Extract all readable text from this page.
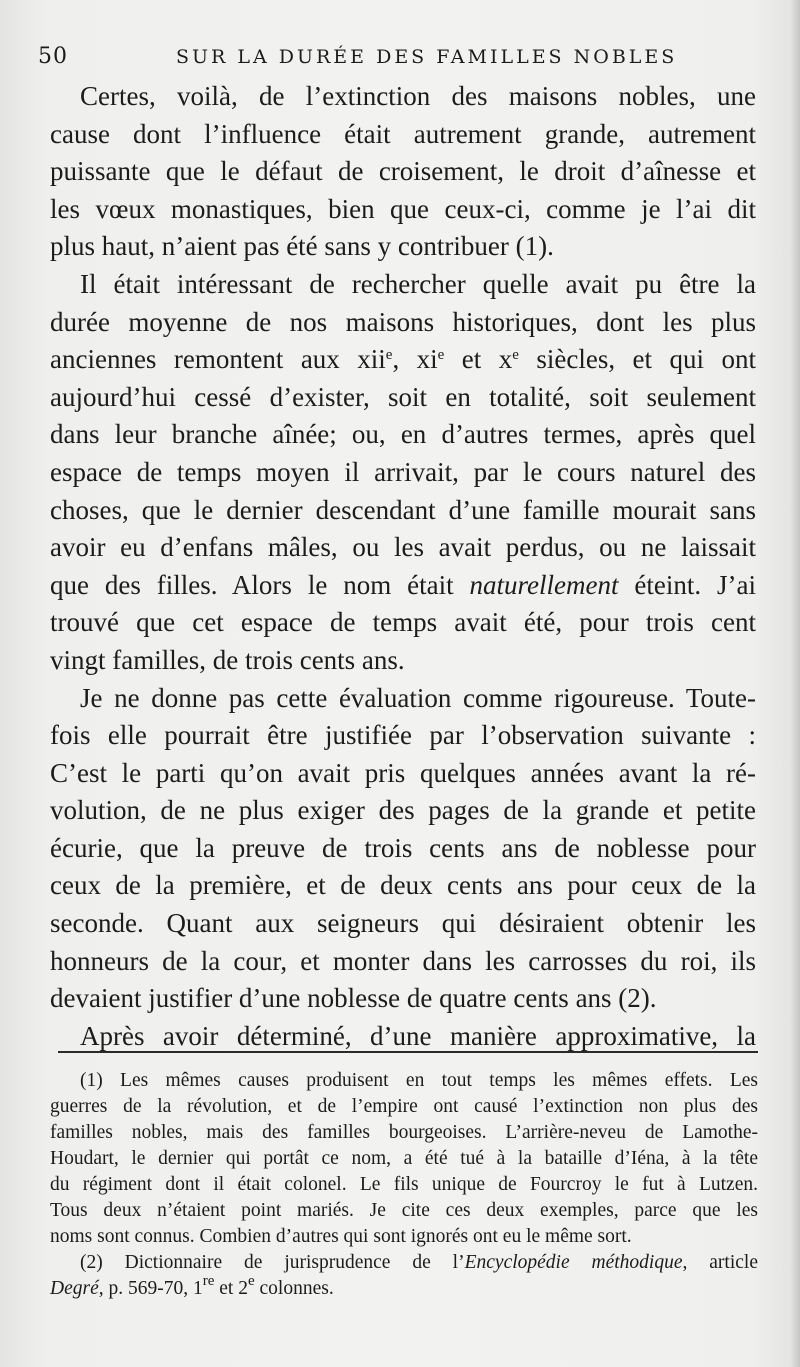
50	SUR LA DURÉE DES FAMILLES NOBLES
Certes, voilà, de l’extinction des maisons nobles, une
cause dont l’influence était autrement grande, autrement
puissante que le défaut de croisement, le droit d’aînesse et
les vœux monastiques, bien que ceux-ci, comme je l’ai dit
plus haut, n’aient pas été sans y contribuer (1).
Il était intéressant de rechercher quelle avait pu être la
durée moyenne de nos maisons historiques, dont les plus
anciennes remontent aux xii$^e$, $xi^e$ et $x^e$ siècles, et qui ont
aujourd’hui cessé d’exister, soit en totalité, soit seulement
dans leur branche aînée; ou, en d’autres termes, après quel
espace de temps moyen il arrivait, par le cours naturel des
choses, que le dernier descendant d’une famille mourait sans
avoir eu d’enfans mâles, ou les avait perdus, ou ne laissait
que des filles. Alors le nom était naturellement éteint. J’ai
trouvé que cet espace de temps avait été, pour trois cent
vingt familles, de trois cents ans.
Je ne donne pas cette évaluation comme rigoureuse. Toute-
fois elle pourrait être justifiée par l’observation suivante :
C’est le parti qu’on avait pris quelques années avant la ré-
volution, de ne plus exiger des pages de la grande et petite
écurie, que la preuve de trois cents ans de noblesse pour
ceux de la première, et de deux cents ans pour ceux de la
seconde. Quant aux seigneurs qui désiraient obtenir les
honneurs de la cour, et monter dans les carrosses du roi, ils
devaient justifier d’une noblesse de quatre cents ans (2).
Après avoir déterminé, d’une manière approximative, la
(1) Les mêmes causes produisent en tout temps les mêmes effets. Les
guerres de la révolution, et de l’empire ont causé l’extinction non plus des
familles nobles, mais des familles bourgeoises. L’arrière-neveu de Lamothe-
Houdart, le dernier qui portât ce nom, a été tué à la bataille d’Iéna, à la tête
du régiment dont il était colonel. Le fils unique de Fourcroy le fut à Lutzen.
Tous deux n’étaient point mariés. Je cite ces deux exemples, parce que les
noms sont connus. Combien d’autres qui sont ignorés ont eu le même sort.
(2) Dictionnaire de jurisprudence de l’Encyclopédie méthodique, article
Degré, p. 569-70, 1re et 2e colonnes.
